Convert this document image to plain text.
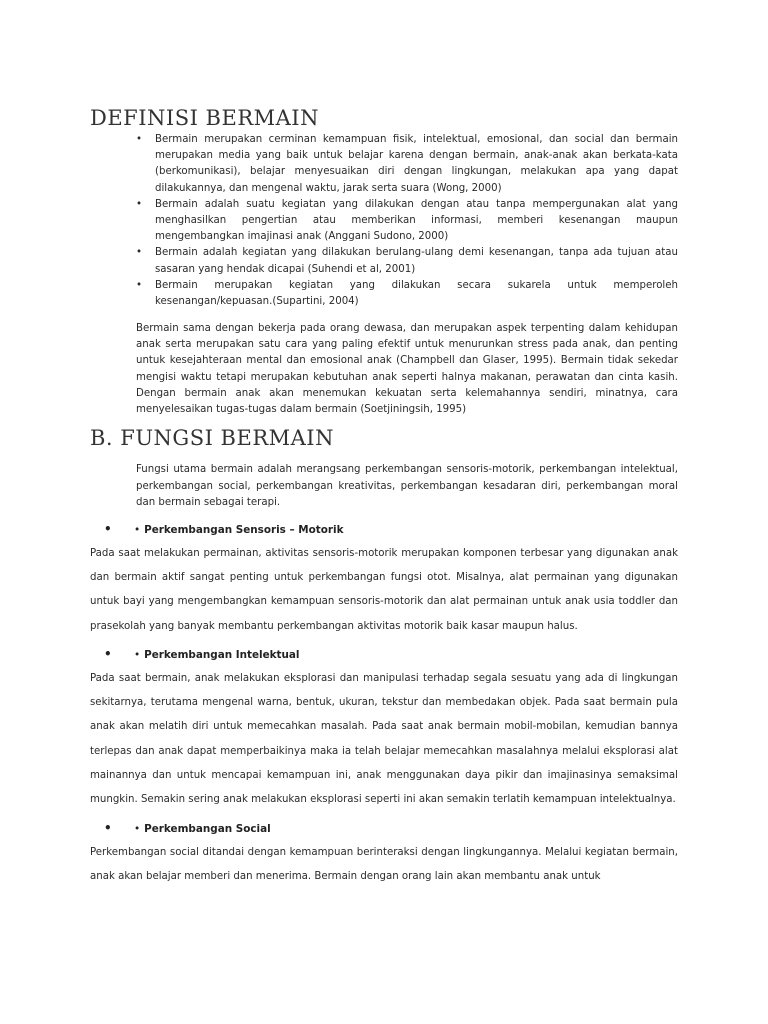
DEFINISI BERMAIN
• Bermain merupakan cerminan kemampuan fisik, intelektual, emosional, dan social dan bermain merupakan media yang baik untuk belajar karena dengan bermain, anak-anak akan berkata-kata (berkomunikasi), belajar menyesuaikan diri dengan lingkungan, melakukan apa yang dapat dilakukannya, dan mengenal waktu, jarak serta suara (Wong, 2000)
• Bermain adalah suatu kegiatan yang dilakukan dengan atau tanpa mempergunakan alat yang menghasilkan pengertian atau memberikan informasi, memberi kesenangan maupun mengembangkan imajinasi anak (Anggani Sudono, 2000)
• Bermain adalah kegiatan yang dilakukan berulang-ulang demi kesenangan, tanpa ada tujuan atau sasaran yang hendak dicapai (Suhendi et al, 2001)
• Bermain merupakan kegiatan yang dilakukan secara sukarela untuk memperoleh kesenangan/kepuasan.(Supartini, 2004)

Bermain sama dengan bekerja pada orang dewasa, dan merupakan aspek terpenting dalam kehidupan anak serta merupakan satu cara yang paling efektif untuk menurunkan stress pada anak, dan penting untuk kesejahteraan mental dan emosional anak (Champbell dan Glaser, 1995). Bermain tidak sekedar mengisi waktu tetapi merupakan kebutuhan anak seperti halnya makanan, perawatan dan cinta kasih. Dengan bermain anak akan menemukan kekuatan serta kelemahannya sendiri, minatnya, cara menyelesaikan tugas-tugas dalam bermain (Soetjiningsih, 1995)

B. FUNGSI BERMAIN

Fungsi utama bermain adalah merangsang perkembangan sensoris-motorik, perkembangan intelektual, perkembangan social, perkembangan kreativitas, perkembangan kesadaran diri, perkembangan moral dan bermain sebagai terapi.

• • Perkembangan Sensoris – Motorik

Pada saat melakukan permainan, aktivitas sensoris-motorik merupakan komponen terbesar yang digunakan anak dan bermain aktif sangat penting untuk perkembangan fungsi otot. Misalnya, alat permainan yang digunakan untuk bayi yang mengembangkan kemampuan sensoris-motorik dan alat permainan untuk anak usia toddler dan prasekolah yang banyak membantu perkembangan aktivitas motorik baik kasar maupun halus.

• • Perkembangan Intelektual

Pada saat bermain, anak melakukan eksplorasi dan manipulasi terhadap segala sesuatu yang ada di lingkungan sekitarnya, terutama mengenal warna, bentuk, ukuran, tekstur dan membedakan objek. Pada saat bermain pula anak akan melatih diri untuk memecahkan masalah. Pada saat anak bermain mobil-mobilan, kemudian bannya terlepas dan anak dapat memperbaikinya maka ia telah belajar memecahkan masalahnya melalui eksplorasi alat mainannya dan untuk mencapai kemampuan ini, anak menggunakan daya pikir dan imajinasinya semaksimal mungkin. Semakin sering anak melakukan eksplorasi seperti ini akan semakin terlatih kemampuan intelektualnya.

• • Perkembangan Social

Perkembangan social ditandai dengan kemampuan berinteraksi dengan lingkungannya. Melalui kegiatan bermain, anak akan belajar memberi dan menerima. Bermain dengan orang lain akan membantu anak untuk
